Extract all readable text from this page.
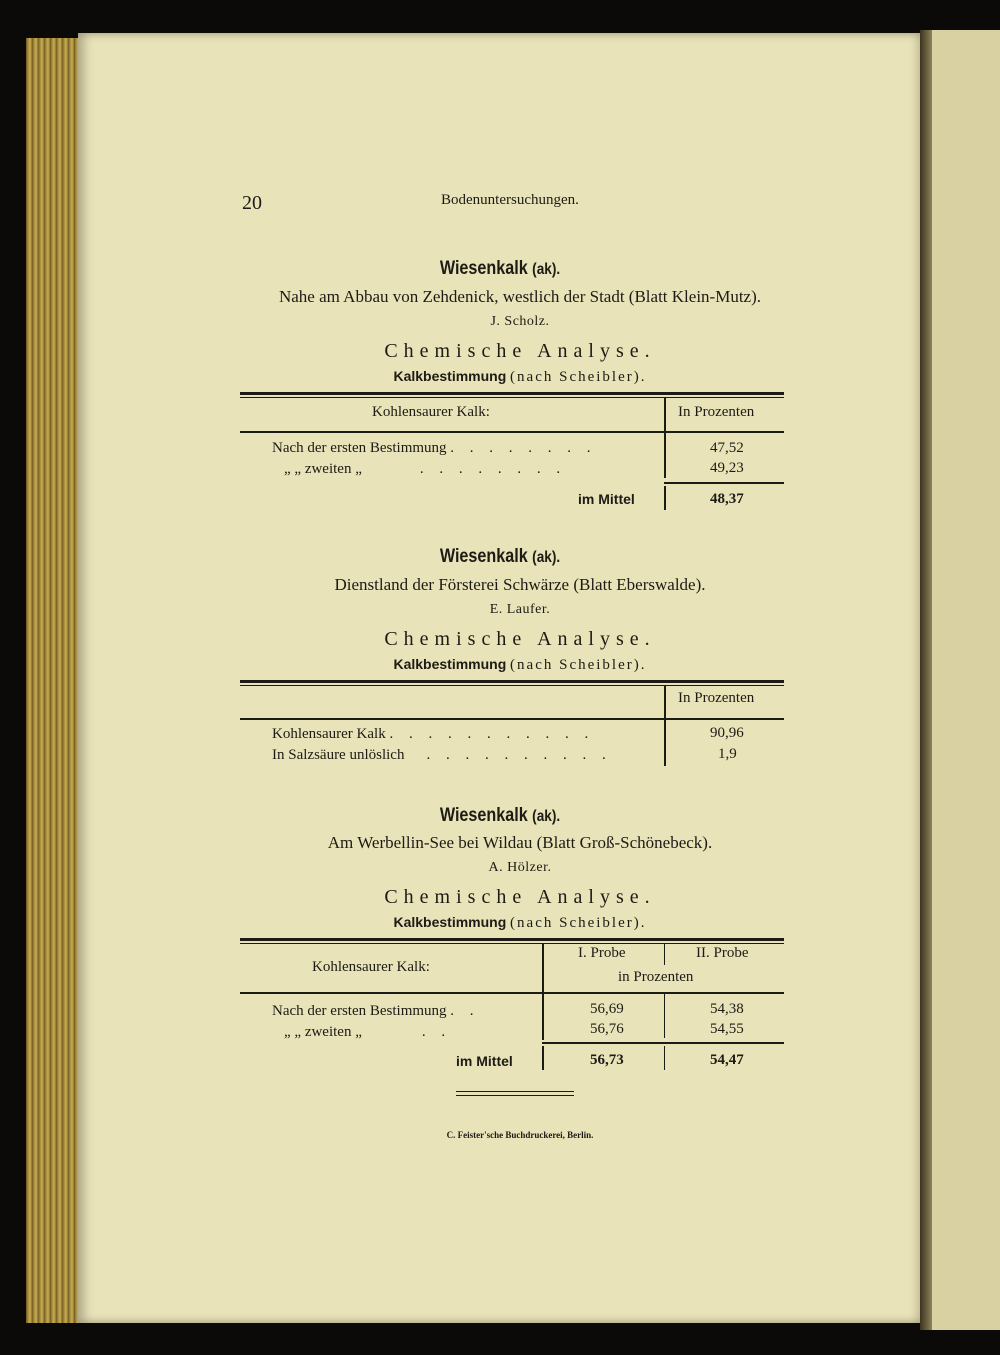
20	Bodenuntersuchungen.
Wiesenkalk (ak).
Nahe am Abbau von Zehdenick, westlich der Stadt (Blatt Klein-Mutz).
J. Scholz.
Chemische Analyse.
Kalkbestimmung (nach Scheibler).
Kohlensaurer Kalk:	In Prozenten
Nach der ersten Bestimmung . . . . . . . .	47,52
„ „ zweiten „	. . . . . . . .	49,23
im Mittel	48,37
Wiesenkalk (ak).
Dienstland der Försterei Schwärze (Blatt Eberswalde).
E. Laufer.
Chemische Analyse.
Kalkbestimmung (nach Scheibler).
In Prozenten
Kohlensaurer Kalk . . . . . . . . . . .	90,96
In Salzsäure unlöslich . . . . . . . . . .	1,9
Wiesenkalk (ak).
Am Werbellin-See bei Wildau (Blatt Groß-Schönebeck).
A. Hölzer.
Chemische Analyse.
Kalkbestimmung (nach Scheibler).
Kohlensaurer Kalk:
I. Probe	II. Probe
in Prozenten
Nach der ersten Bestimmung . .	56,69	54,38
„ „ zweiten „	. .	56,76	54,55
im Mittel	56,73	54,47
C. Feister'sche Buchdruckerei, Berlin.
